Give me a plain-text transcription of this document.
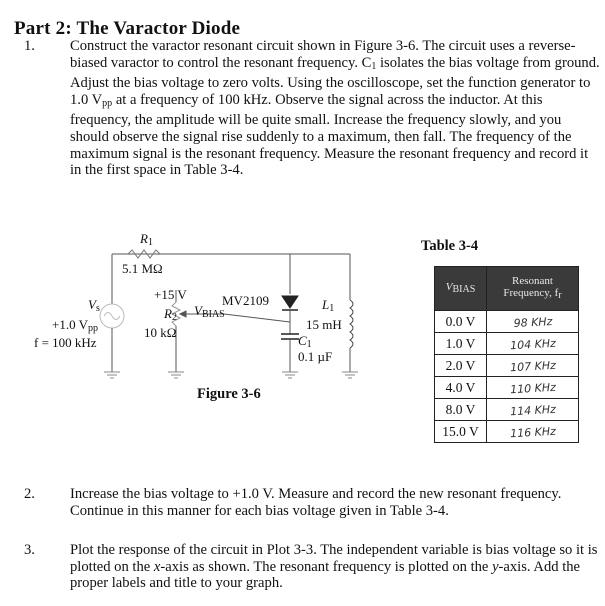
Part 2: The Varactor Diode
1. Construct the varactor resonant circuit shown in Figure 3-6. The circuit uses a reverse-biased varactor to control the resonant frequency. $C_1$ isolates the bias voltage from ground. Adjust the bias voltage to zero volts. Using the oscilloscope, set the function generator to 1.0 $V_{pp}$ at a frequency of 100 kHz. Observe the signal across the inductor. At this frequency, the amplitude will be quite small. Increase the frequency slowly, and you should observe the signal rise suddenly to a maximum, then fall. The frequency of the maximum signal is the resonant frequency. Measure the resonant frequency and record it in the first space in Table 3-4.
$R_1$
5.1 MΩ
+15 V	MV2109
$R_2$ $V_{BIAS}$
10 kΩ
$L_1$
15 mH
$C_1$
0.1 µF
$V_s$
+1.0 $V_{pp}$
f = 100 kHz
Figure 3-6
Table 3-4
VBIAS	Resonant
Frequency, fr
0.0 V	98 KHz
1.0 V	104 KHz
2.0 V	107 KHz
4.0 V	110 KHz
8.0 V	114 KHz
15.0 V	116 KHz
2. Increase the bias voltage to +1.0 V. Measure and record the new resonant frequency. Continue in this manner for each bias voltage given in Table 3-4.
3. Plot the response of the circuit in Plot 3-3. The independent variable is bias voltage so it is plotted on the x-axis as shown. The resonant frequency is plotted on the y-axis. Add the proper labels and title to your graph.
